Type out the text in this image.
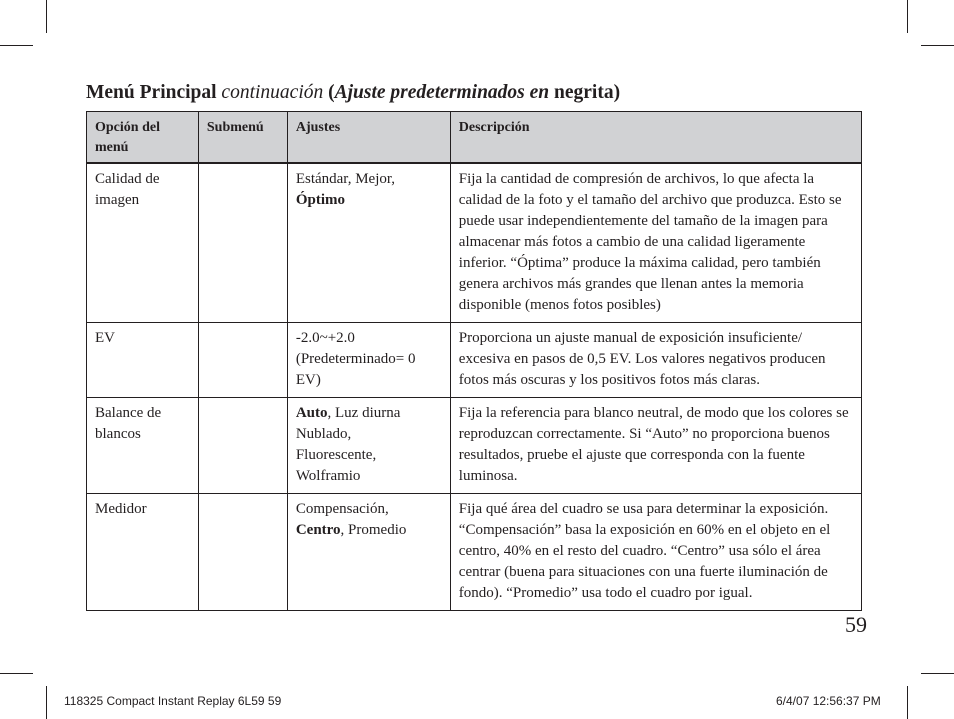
Menú Principal continuación (Ajuste predeterminados en negrita)
Opción del menú	Submenú	Ajustes	Descripción
Calidad de imagen		Estándar, Mejor, Óptimo	Fija la cantidad de compresión de archivos, lo que afecta la calidad de la foto y el tamaño del archivo que produzca. Esto se puede usar independientemente del tamaño de la imagen para almacenar más fotos a cambio de una calidad ligeramente inferior. “Óptima” produce la máxima calidad, pero también genera archivos más grandes que llenan antes la memoria disponible (menos fotos posibles)
EV		-2.0~+2.0 (Predeterminado= 0 EV)	Proporciona un ajuste manual de exposición insuficiente/ excesiva en pasos de 0,5 EV. Los valores negativos producen fotos más oscuras y los positivos fotos más claras.
Balance de blancos		Auto, Luz diurna Nublado, Fluorescente, Wolframio	Fija la referencia para blanco neutral, de modo que los colores se reproduzcan correctamente. Si “Auto” no proporciona buenos resultados, pruebe el ajuste que corresponda con la fuente luminosa.
Medidor		Compensación, Centro, Promedio	Fija qué área del cuadro se usa para determinar la exposición. “Compensación” basa la exposición en 60% en el objeto en el centro, 40% en el resto del cuadro. “Centro” usa sólo el área centrar (buena para situaciones con una fuerte iluminación de fondo). “Promedio” usa todo el cuadro por igual.
59
118325 Compact Instant Replay 6L59 59	6/4/07 12:56:37 PM
